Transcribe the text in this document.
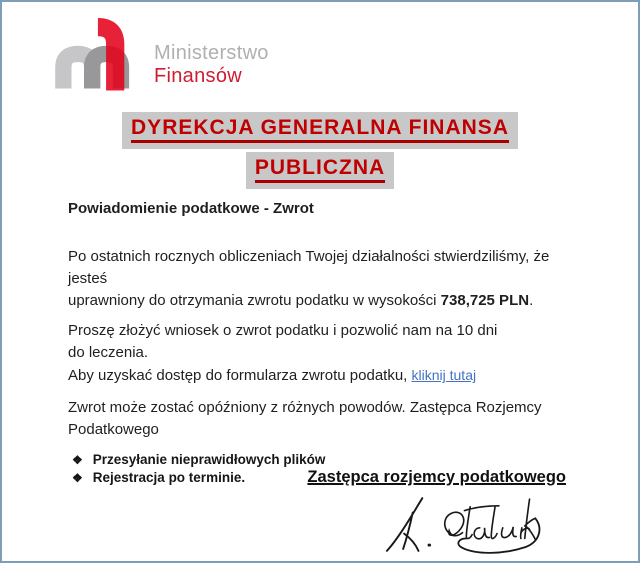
Ministerstwo
Finansów
DYREKCJA GENERALNA FINANSA
PUBLICZNA

Powiadomienie podatkowe - Zwrot

Po ostatnich rocznych obliczeniach Twojej działalności stwierdziliśmy, że jesteś
uprawniony do otrzymania zwrotu podatku w wysokości 738,725 PLN.

Proszę złożyć wniosek o zwrot podatku i pozwolić nam na 10 dni
do leczenia.
Aby uzyskać dostęp do formularza zwrotu podatku, kliknij tutaj

Zwrot może zostać opóźniony z różnych powodów. Zastępca Rozjemcy
Podatkowego

❖ Przesyłanie nieprawidłowych plików
❖ Rejestracja po terminie.	Zastępca rozjemcy podatkowego
